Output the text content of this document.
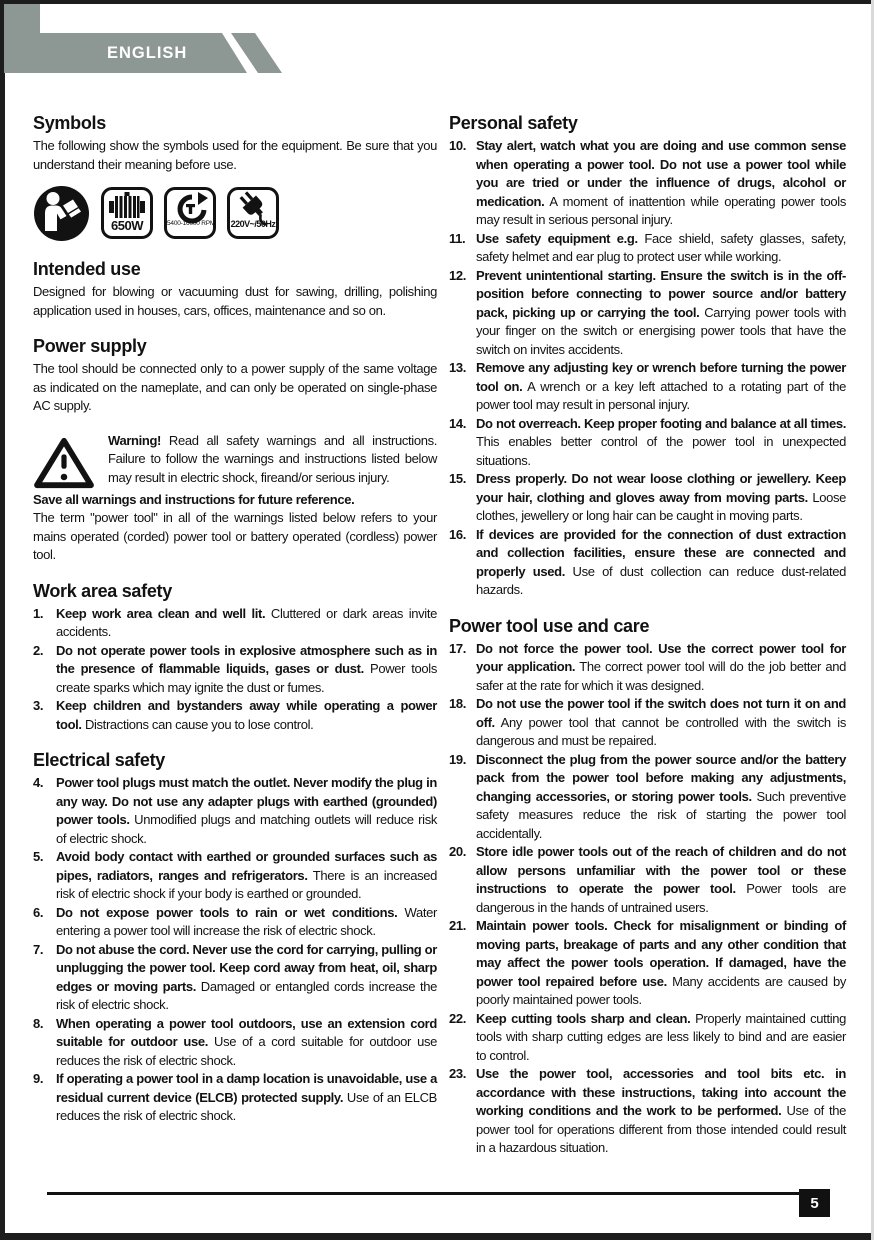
ENGLISH
Symbols

The following show the symbols used for the equipment. Be sure that you understand their meaning before use.

650W	5400-16000 RPM 220V~/50Hz
Intended use

Designed for blowing or vacuuming dust for sawing, drilling, polishing application used in houses, cars, offices, maintenance and so on.

Power supply

The tool should be connected only to a power supply of the same voltage as indicated on the nameplate, and can only be operated on single-phase AC supply.

Warning! Read all safety warnings and all instructions. Failure to follow the warnings and instructions listed below may result in electric shock, fireand/or serious injury.

Save all warnings and instructions for future reference.

The term "power tool" in all of the warnings listed below refers to your mains operated (corded) power tool or battery operated (cordless) power tool.

Work area safety
1. Keep work area clean and well lit. Cluttered or dark areas invite accidents.
2. Do not operate power tools in explosive atmosphere such as in the presence of flammable liquids, gases or dust. Power tools create sparks which may ignite the dust or fumes.
3. Keep children and bystanders away while operating a power tool. Distractions can cause you to lose control.
Electrical safety
4. Power tool plugs must match the outlet. Never modify the plug in any way. Do not use any adapter plugs with earthed (grounded) power tools. Unmodified plugs and matching outlets will reduce risk of electric shock.
5. Avoid body contact with earthed or grounded surfaces such as pipes, radiators, ranges and refrigerators. There is an increased risk of electric shock if your body is earthed or grounded.
6. Do not expose power tools to rain or wet conditions. Water entering a power tool will increase the risk of electric shock.
7. Do not abuse the cord. Never use the cord for carrying, pulling or unplugging the power tool. Keep cord away from heat, oil, sharp edges or moving parts. Damaged or entangled cords increase the risk of electric shock.
8. When operating a power tool outdoors, use an extension cord suitable for outdoor use. Use of a cord suitable for outdoor use reduces the risk of electric shock.
9. If operating a power tool in a damp location is unavoidable, use a residual current device (ELCB) protected supply. Use of an ELCB reduces the risk of electric shock.
Personal safety
10. Stay alert, watch what you are doing and use common sense when operating a power tool. Do not use a power tool while you are tried or under the influence of drugs, alcohol or medication. A moment of inattention while operating power tools may result in serious personal injury.
11. Use safety equipment e.g. Face shield, safety glasses, safety, safety helmet and ear plug to protect user while working.
12. Prevent unintentional starting. Ensure the switch is in the off-position before connecting to power source and/or battery pack, picking up or carrying the tool. Carrying power tools with your finger on the switch or energising power tools that have the switch on invites accidents.
13. Remove any adjusting key or wrench before turning the power tool on. A wrench or a key left attached to a rotating part of the power tool may result in personal injury.
14. Do not overreach. Keep proper footing and balance at all times. This enables better control of the power tool in unexpected situations.
15. Dress properly. Do not wear loose clothing or jewellery. Keep your hair, clothing and gloves away from moving parts. Loose clothes, jewellery or long hair can be caught in moving parts.
16. If devices are provided for the connection of dust extraction and collection facilities, ensure these are connected and properly used. Use of dust collection can reduce dust-related hazards.
Power tool use and care
17. Do not force the power tool. Use the correct power tool for your application. The correct power tool will do the job better and safer at the rate for which it was designed.
18. Do not use the power tool if the switch does not turn it on and off. Any power tool that cannot be controlled with the switch is dangerous and must be repaired.
19. Disconnect the plug from the power source and/or the battery pack from the power tool before making any adjustments, changing accessories, or storing power tools. Such preventive safety measures reduce the risk of starting the power tool accidentally.
20. Store idle power tools out of the reach of children and do not allow persons unfamiliar with the power tool or these instructions to operate the power tool. Power tools are dangerous in the hands of untrained users.
21. Maintain power tools. Check for misalignment or binding of moving parts, breakage of parts and any other condition that may affect the power tools operation. If damaged, have the power tool repaired before use. Many accidents are caused by poorly maintained power tools.
22. Keep cutting tools sharp and clean. Properly maintained cutting tools with sharp cutting edges are less likely to bind and are easier to control.
23. Use the power tool, accessories and tool bits etc. in accordance with these instructions, taking into account the working conditions and the work to be performed. Use of the power tool for operations different from those intended could result in a hazardous situation.
5
